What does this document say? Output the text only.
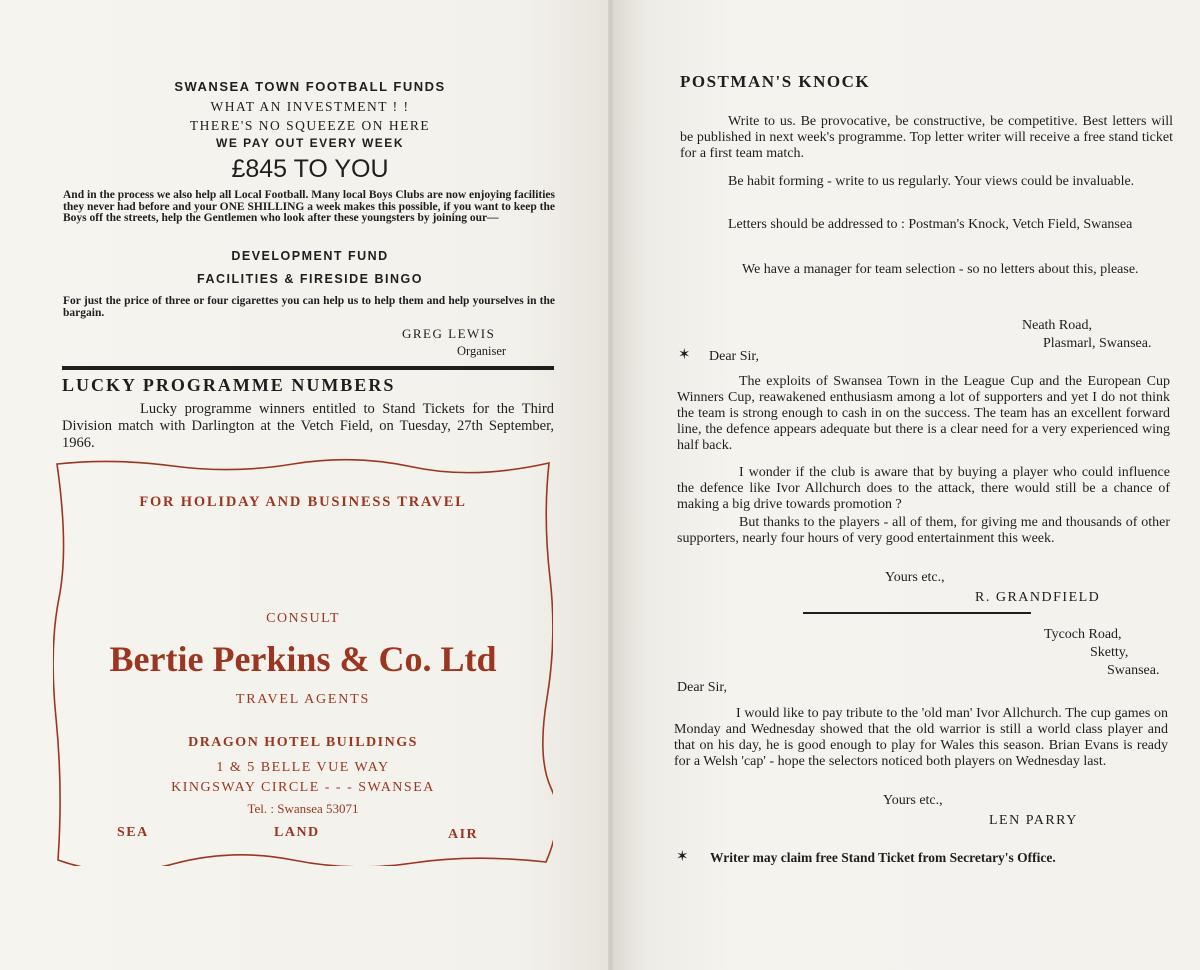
SWANSEA TOWN FOOTBALL FUNDS
WHAT AN INVESTMENT ! !
THERE'S NO SQUEEZE ON HERE
WE PAY OUT EVERY WEEK
£845 TO YOU
And in the process we also help all Local Football. Many local Boys Clubs are now enjoying facilities they never had before and your ONE SHILLING a week makes this possible, if you want to keep the Boys off the streets, help the Gentlemen who look after these youngsters by joining our—
DEVELOPMENT FUND
FACILITIES & FIRESIDE BINGO
For just the price of three or four cigarettes you can help us to help them and help yourselves in the bargain.
GREG LEWIS
Organiser
LUCKY PROGRAMME NUMBERS
Lucky programme winners entitled to Stand Tickets for the Third Division match with Darlington at the Vetch Field, on Tuesday, 27th September, 1966.
FOR HOLIDAY AND BUSINESS TRAVEL
CONSULT
Bertie Perkins & Co. Ltd
TRAVEL AGENTS
DRAGON HOTEL BUILDINGS
1 & 5 BELLE VUE WAY
KINGSWAY CIRCLE - - - SWANSEA
Tel. : Swansea 53071
SEA	LAND	AIR
POSTMAN'S KNOCK
Write to us. Be provocative, be constructive, be competitive. Best letters will be published in next week's programme. Top letter writer will receive a free stand ticket for a first team match.
Be habit forming - write to us regularly. Your views could be invaluable.
Letters should be addressed to : Postman's Knock, Vetch Field, Swansea
We have a manager for team selection - so no letters about this, please.
Neath Road,
Plasmarl, Swansea.
✶ Dear Sir,
The exploits of Swansea Town in the League Cup and the European Cup Winners Cup, reawakened enthusiasm among a lot of supporters and yet I do not think the team is strong enough to cash in on the success. The team has an excellent forward line, the defence appears adequate but there is a clear need for a very experienced wing half back.
I wonder if the club is aware that by buying a player who could influence the defence like Ivor Allchurch does to the attack, there would still be a chance of making a big drive towards promotion ?
But thanks to the players - all of them, for giving me and thousands of other supporters, nearly four hours of very good entertainment this week.
Yours etc.,
R. GRANDFIELD
Tycoch Road,
Sketty,
Swansea.
Dear Sir,
I would like to pay tribute to the 'old man' Ivor Allchurch. The cup games on Monday and Wednesday showed that the old warrior is still a world class player and that on his day, he is good enough to play for Wales this season. Brian Evans is ready for a Welsh 'cap' - hope the selectors noticed both players on Wednesday last.
Yours etc.,
LEN PARRY
✶ Writer may claim free Stand Ticket from Secretary's Office.
